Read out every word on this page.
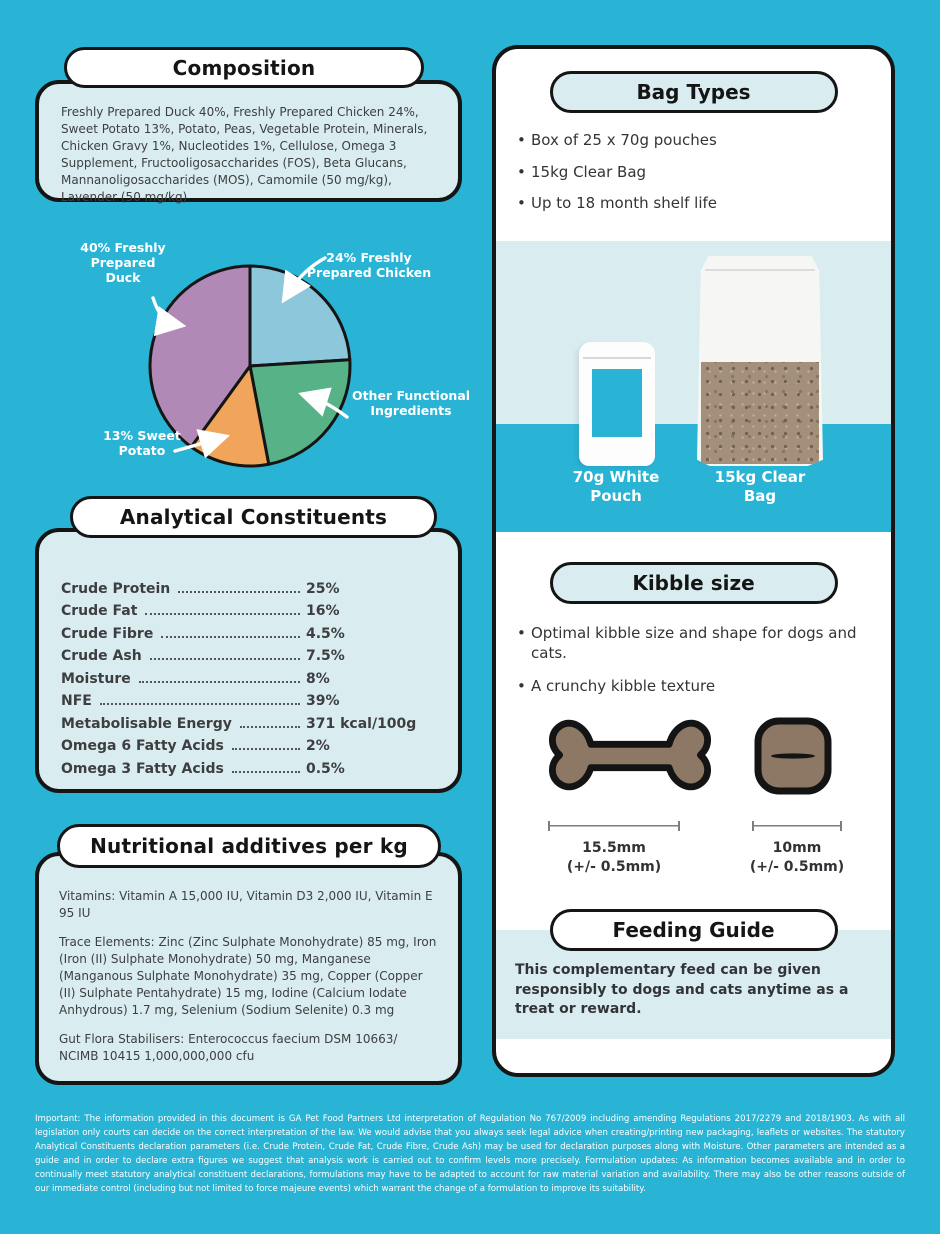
Composition
Freshly Prepared Duck 40%, Freshly Prepared Chicken 24%, Sweet Potato 13%, Potato, Peas, Vegetable Protein, Minerals, Chicken Gravy 1%, Nucleotides 1%, Cellulose, Omega 3 Supplement, Fructooligosaccharides (FOS), Beta Glucans, Mannanoligosaccharides (MOS), Camomile (50 mg/kg), Lavender (50 mg/kg)
40% Freshly Prepared Duck
24% Freshly Prepared Chicken
Other Functional Ingredients
13% Sweet Potato
Analytical Constituents
Crude Protein	25%
Crude Fat	16%
Crude Fibre	4.5%
Crude Ash	7.5%
Moisture	8%
NFE	39%
Metabolisable Energy	371 kcal/100g
Omega 6 Fatty Acids	2%
Omega 3 Fatty Acids	0.5%
Nutritional additives per kg

Vitamins: Vitamin A 15,000 IU, Vitamin D3 2,000 IU, Vitamin E 95 IU

Trace Elements: Zinc (Zinc Sulphate Monohydrate) 85 mg, Iron (Iron (II) Sulphate Monohydrate) 50 mg, Manganese (Manganous Sulphate Monohydrate) 35 mg, Copper (Copper (II) Sulphate Pentahydrate) 15 mg, Iodine (Calcium Iodate Anhydrous) 1.7 mg, Selenium (Sodium Selenite) 0.3 mg

Gut Flora Stabilisers: Enterococcus faecium DSM 10663/ NCIMB 10415 1,000,000,000 cfu

Bag Types
• Box of 25 x 70g pouches
• 15kg Clear Bag
• Up to 18 month shelf life
70g White Pouch
15kg Clear Bag
Kibble size
• Optimal kibble size and shape for dogs and cats.
• A crunchy kibble texture
15.5mm
(+/- 0.5mm)
10mm
(+/- 0.5mm)
Feeding Guide
This complementary feed can be given responsibly to dogs and cats anytime as a treat or reward.
Important: The information provided in this document is GA Pet Food Partners Ltd interpretation of Regulation No 767/2009 including amending Regulations 2017/2279 and 2018/1903. As with all legislation only courts can decide on the correct interpretation of the law. We would advise that you always seek legal advice when creating/printing new packaging, leaflets or websites. The statutory Analytical Constituents declaration parameters (i.e. Crude Protein, Crude Fat, Crude Fibre, Crude Ash) may be used for declaration purposes along with Moisture. Other parameters are intended as a guide and in order to declare extra figures we suggest that analysis work is carried out to confirm levels more precisely. Formulation updates: As information becomes available and in order to continually meet statutory analytical constituent declarations, formulations may have to be adapted to account for raw material variation and availability. There may also be other reasons outside of our immediate control (including but not limited to force majeure events) which warrant the change of a formulation to improve its suitability.
